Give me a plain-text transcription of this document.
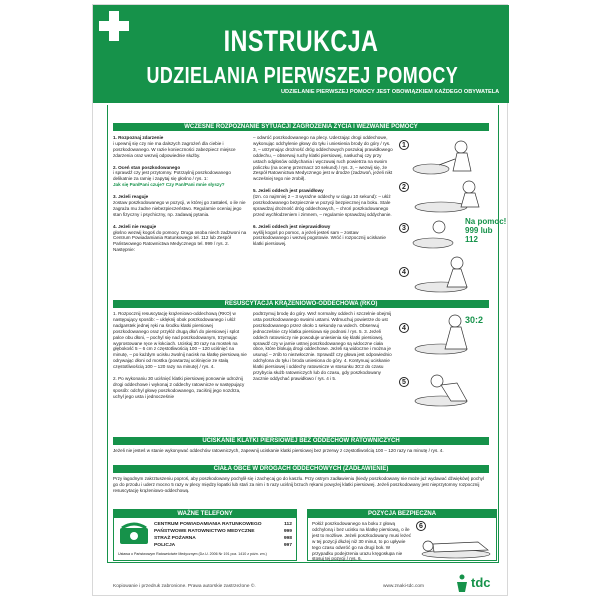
INSTRUKCJA
UDZIELANIA PIERWSZEJ POMOCY
UDZIELANIE PIERWSZEJ POMOCY JEST OBOWIĄZKIEM KAŻDEGO OBYWATELA
WCZESNE ROZPOZNANIE SYTUACJI ZAGROŻENIA ŻYCIA I WEZWANIE POMOCY
1. Rozpoznaj zdarzenie
i upewnij się czy nie ma dalszych zagrożeń dla ciebie i poszkodowanego. W razie konieczności zabezpiecz miejsce zdarzenia oraz wezwij odpowiednie służby.

2. Oceń stan poszkodowanego
i sprawdź czy jest przytomny. Potrząśnij poszkodowanego delikatnie za ramię i zapytaj się głośno / rys. 1:
Jak się Pan/Pani czuje? Czy Pan/Pani mnie słyszy?

3. Jeżeli reaguje
zostaw poszkodowanego w pozycji, w której go zastałeś, o ile nie zagraża mu żadne niebezpieczeństwo. Regularnie oceniaj jego stan fizyczny i psychiczny, np. zadawaj pytania.

4. Jeżeli nie reaguje
głośno wezwij kogoś do pomocy. Druga osoba niech zadzwoni na Centrum Powiadamiania Ratunkowego tel. 112 lub Zespół Państwowego Ratownictwa Medycznego tel. 999 / rys. 2. Następnie:
– odwróć poszkodowanego na plecy. Uderzając drogi oddechowe, wykonując odchylenie głowy do tyłu i uniesienia brody do góry / rys. 3, – utrzymując drożność dróg oddechowych poszukaj prawidłowego oddechu, – obserwuj ruchy klatki piersiowej, nasłuchuj czy przy ustach odgłosów oddychania i wyczuwaj ruch powietrza na swoim policzku (na ocenę przeznacz 10 sekund) / rys. 3, – wezwij się, że Zespół Ratownictwa Medycznego jest w drodze (zadzwoń, jeżeli nikt wcześniej tego nie zrobił).

5. Jeżeli oddech jest prawidłowy
(tzn. co najmniej 2 – 3 wyraźne oddechy w ciągu 10 sekund): – ułóż poszkodowanego bezpiecznie w pozycji bezpiecznej na boku. Stale sprawdzaj drożność dróg oddechowych, – chroń poszkodowanego przed wychłodzeniem i zimnem, – regularnie sprawdzaj oddychanie.

6. Jeżeli oddech jest nieprawidłowy
wyślij kogoś po pomoc, a jeżeli jesteś sam – zostaw poszkodowanego i wezwij pogotowie. Wróć i rozpocznij uciskanie klatki piersiowej.
1
2
3
Na pomoc!
999 lub 112
4
RESUSCYTACJA KRĄŻENIOWO-ODDECHOWA (RKO)
1. Rozpocznij resuscytację krążeniowo-oddechową (RKO) w następujący sposób: – uklęknij obok poszkodowanego i ułóż nadgarstek jednej ręki na środku klatki piersiowej poszkodowanego oraz przyłóż drugą dłoń do piersiowej i splot palce obu dłoni, – pochyl się nad poszkodowanym, trzymając wyprostowane ręce w łokciach. Uciskaj 30 razy na mostek na głębokość 5 – 6 cm z częstotliwością 100 – 120 uciśnięć na minutę, – po każdym ucisku zwolnij nacisk na klatkę piersiową nie odrywając dłoni od mostka (powtarzaj uciśnięcie ze stałą częstotliwością 100 – 120 razy na minutę) / rys. 4.

2. Po wykonaniu 30 uciśnięć klatki piersiowej ponownie udrożnij drogi oddechowe i wykonaj 2 oddechy ratownicze w następujący sposób: odchyl głowę poszkodowanego, zaciśnij jego nozdrza, uchyl jego usta i jednocześnie
podtrzymuj brodę do góry. Weź normalny oddech i szczelnie obejmij usta poszkodowanego swoimi ustami. Wdmuchuj powietrze do ust poszkodowanego przez około 1 sekundę na wdech. Obserwuj jednocześnie czy klatka piersiowa się podnosi / rys. 5. 3. Jeżeli oddech ratowniczy nie powoduje uniesienia się klatki piersiowej, sprawdź czy w jamie ustnej poszkodowanego są widoczne ciała obce, które blokują drogi oddechowe. Jeżeli są widoczne i można je usunąć – zrób to niezwłocznie. Sprawdź czy głowa jest odpowiednio odchylona do tyłu i broda uniesiona do góry. 4. Kontynuuj uciskanie klatki piersiowej i oddechy ratownicze w stosunku 30:2 do czasu przybycia służb ratowniczych lub do czasu, gdy poszkodowany zacznie oddychać prawidłowo / rys. 4 i 5.
30:2
4
5
UCISKANIE KLATKI PIERSIOWEJ BEZ ODDECHÓW RATOWNICZYCH
Jeżeli nie jesteś w stanie wykonywać oddechów ratowniczych, zapewnij uciskanie klatki piersiowej bez przerwy z częstotliwością 100 – 120 razy na minutę / rys. 4.
CIAŁA OBCE W DROGACH ODDECHOWYCH (ZADŁAWIENIE)
Przy łagodnym zakrztuszeniu poproś, aby poszkodowany pochylił się i zachęcaj go do kaszlu. Przy ostrym zadławieniu (kiedy poszkodowany nie może już wydawać dźwięków) pochyl go do przodu i uderz mocno 5 razy w plecy między łopatki lub stań za nim i 5 razy uciśnij brzuch rękami powyżej klatki piersiowej. Jeżeli poszkodowany jest nieprzytomny rozpocznij resuscytację krążeniowo-oddechową.
WAŻNE TELEFONY
CENTRUM POWIADAMIANIA RATUNKOWEGO	112
PAŃSTWOWE RATOWNICTWO MEDYCZNE	999
STRAŻ POŻARNA	998
POLICJA	997
Ustawa o Państwowym Ratownictwie Medycznym (Dz.U. 2006 Nr 191 poz. 1410 z późn. zm.)
POZYCJA BEZPIECZNA
Połóż poszkodowanego na boku z głową odchyloną i bez ucisku na klatkę piersiową, o ile jest to możliwe. Jeżeli poszkodowany musi leżeć w tej pozycji dłużej niż 30 minut, to po upływie tego czasu odwróć go na drugi bok. W przypadku podejrzenia urazu kręgosłupa nie stosuj tej pozycji / rys. 6.
6
Kopiowanie i przedruk zabronione. Prawa autorskie zastrzeżone ©.	www.znaki-tdc.com	tdc
